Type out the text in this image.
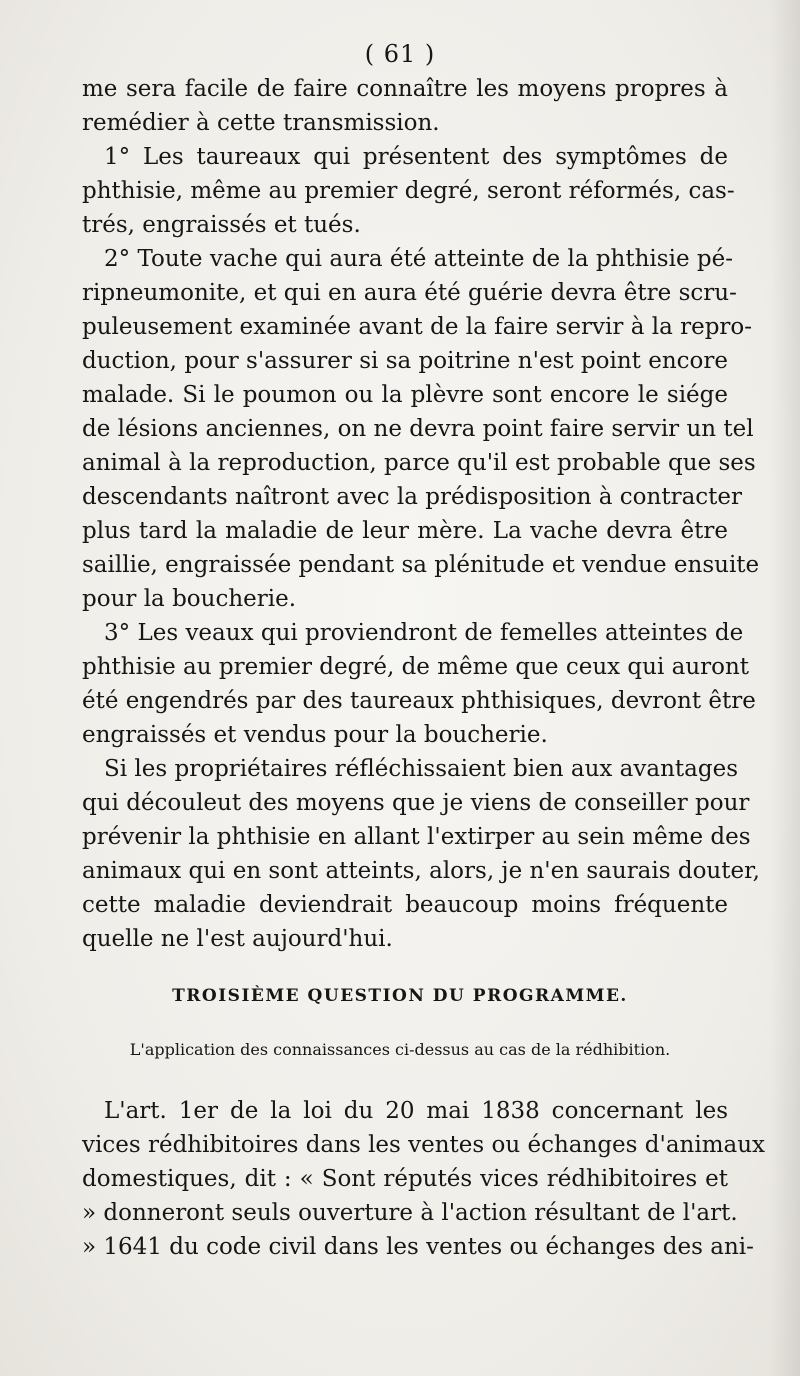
( 61 )
me sera facile de faire connaître les moyens propres à
remédier à cette transmission.
1° Les taureaux qui présentent des symptômes de
phthisie, même au premier degré, seront réformés, cas-
trés, engraissés et tués.
2° Toute vache qui aura été atteinte de la phthisie pé-
ripneumonite, et qui en aura été guérie devra être scru-
puleusement examinée avant de la faire servir à la repro-
duction, pour s'assurer si sa poitrine n'est point encore
malade. Si le poumon ou la plèvre sont encore le siége
de lésions anciennes, on ne devra point faire servir un tel
animal à la reproduction, parce qu'il est probable que ses
descendants naîtront avec la prédisposition à contracter
plus tard la maladie de leur mère. La vache devra être
saillie, engraissée pendant sa plénitude et vendue ensuite
pour la boucherie.
3° Les veaux qui proviendront de femelles atteintes de
phthisie au premier degré, de même que ceux qui auront
été engendrés par des taureaux phthisiques, devront être
engraissés et vendus pour la boucherie.
Si les propriétaires réfléchissaient bien aux avantages
qui découleut des moyens que je viens de conseiller pour
prévenir la phthisie en allant l'extirper au sein même des
animaux qui en sont atteints, alors, je n'en saurais douter,
cette maladie deviendrait beaucoup moins fréquente
quelle ne l'est aujourd'hui.
TROISIÈME QUESTION DU PROGRAMME.
L'application des connaissances ci-dessus au cas de la rédhibition.
L'art. 1er de la loi du 20 mai 1838 concernant les
vices rédhibitoires dans les ventes ou échanges d'animaux
domestiques, dit : « Sont réputés vices rédhibitoires et
» donneront seuls ouverture à l'action résultant de l'art.
» 1641 du code civil dans les ventes ou échanges des ani-
